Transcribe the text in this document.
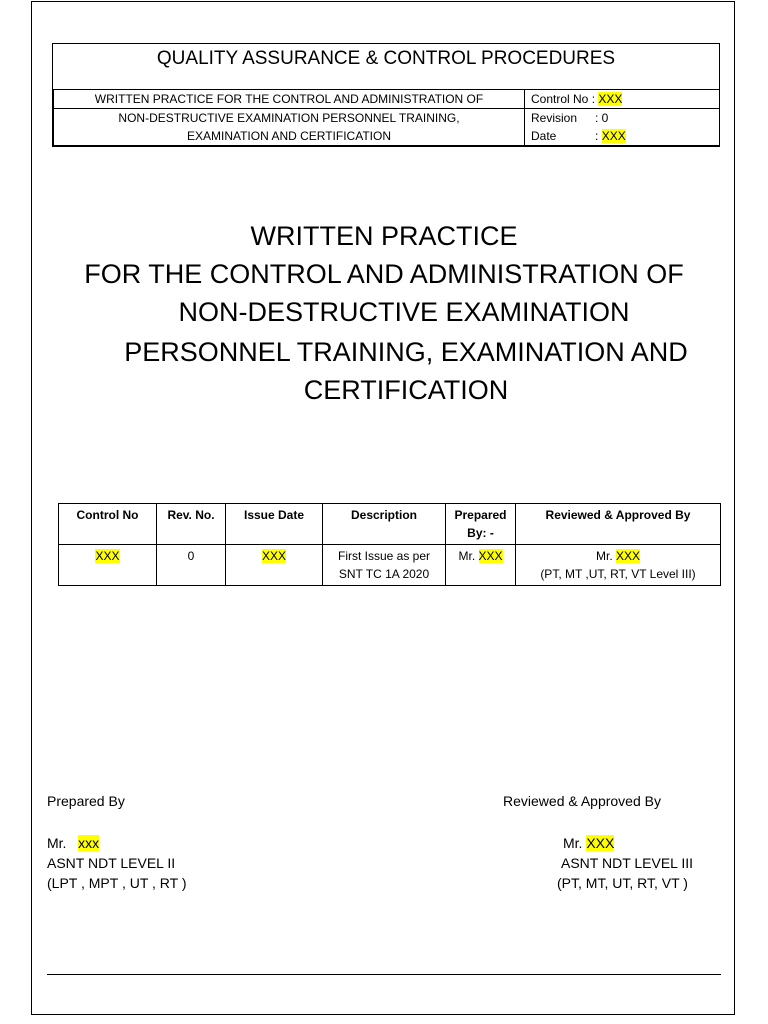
QUALITY ASSURANCE & CONTROL PROCEDURES
WRITTEN PRACTICE FOR THE CONTROL AND ADMINISTRATION OF	Control No : XXX
NON-DESTRUCTIVE EXAMINATION PERSONNEL TRAINING,	Revision : 0
EXAMINATION AND CERTIFICATION	Date : XXX
WRITTEN PRACTICE
FOR THE CONTROL AND ADMINISTRATION OF
NON-DESTRUCTIVE EXAMINATION
PERSONNEL TRAINING, EXAMINATION AND
CERTIFICATION
Control No	Rev. No.	Issue Date	Description	Prepared By: -	Reviewed & Approved By
XXX	0	XXX	First Issue as per SNT TC 1A 2020	Mr. XXX	Mr. XXX
(PT, MT ,UT, RT, VT Level III)
Prepared By
Mr. xxx
ASNT NDT LEVEL II
(LPT , MPT , UT , RT )
Reviewed & Approved By
Mr. XXX
ASNT NDT LEVEL III
(PT, MT, UT, RT, VT )
